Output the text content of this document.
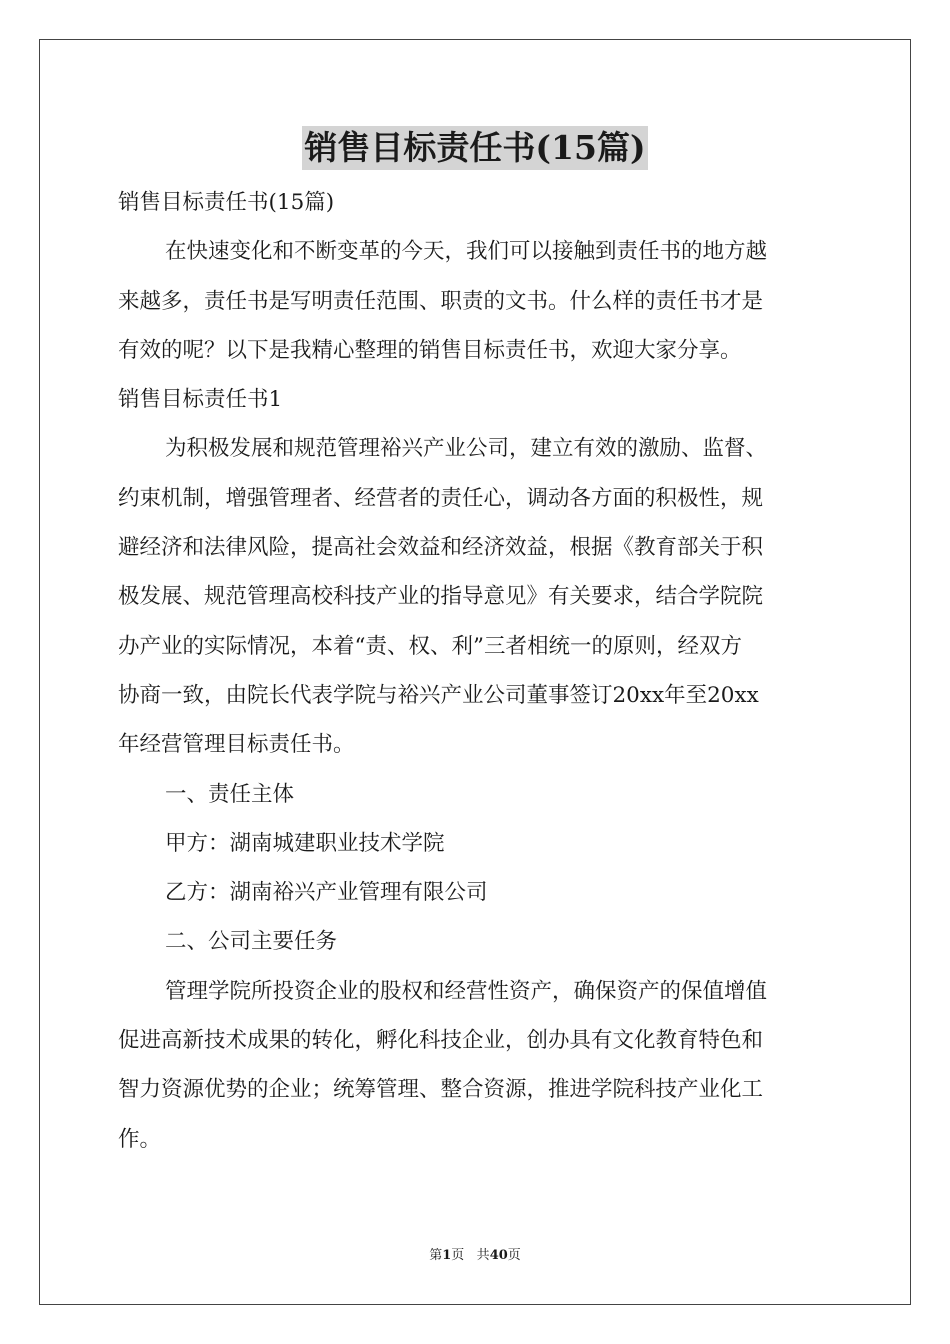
销售目标责任书(15篇)
销售目标责任书(15篇)
在快速变化和不断变革的今天，我们可以接触到责任书的地方越
来越多，责任书是写明责任范围、职责的文书。什么样的责任书才是
有效的呢？以下是我精心整理的销售目标责任书，欢迎大家分享。
销售目标责任书1
为积极发展和规范管理裕兴产业公司，建立有效的激励、监督、
约束机制，增强管理者、经营者的责任心，调动各方面的积极性，规
避经济和法律风险，提高社会效益和经济效益，根据《教育部关于积
极发展、规范管理高校科技产业的指导意见》有关要求，结合学院院
办产业的实际情况，本着“责、权、利”三者相统一的原则，经双方
协商一致，由院长代表学院与裕兴产业公司董事签订20xx年至20xx
年经营管理目标责任书。
一、责任主体
甲方：湖南城建职业技术学院
乙方：湖南裕兴产业管理有限公司
二、公司主要任务
管理学院所投资企业的股权和经营性资产，确保资产的保值增值
促进高新技术成果的转化，孵化科技企业，创办具有文化教育特色和
智力资源优势的企业；统筹管理、整合资源，推进学院科技产业化工
作。
第1页 共40页
